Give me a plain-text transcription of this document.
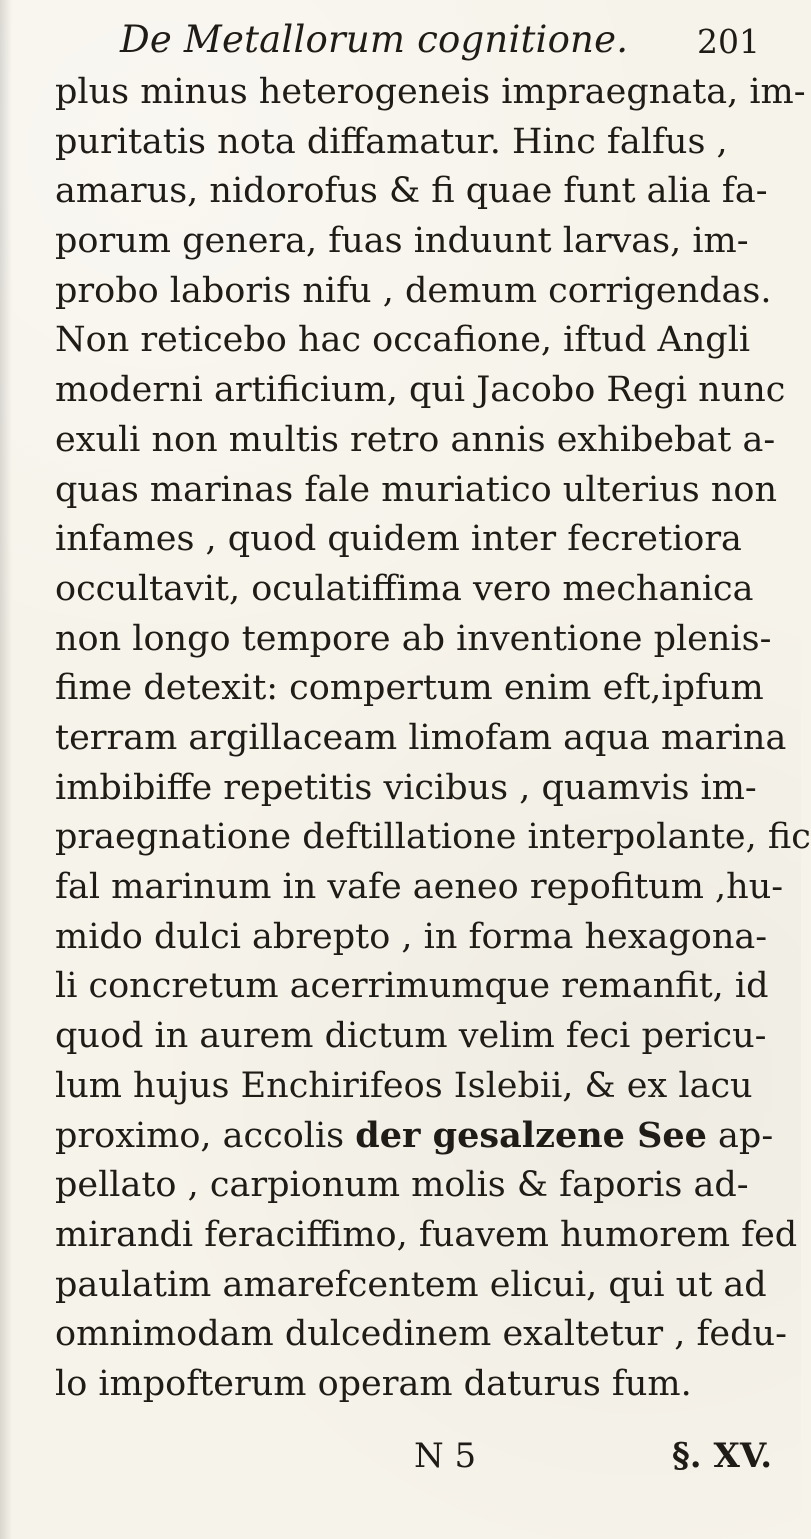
De Metallorum cognitione. 201
plus minus heterogeneis impraegnata, im-
puritatis nota diffamatur. Hinc falfus ,
amarus, nidorofus & fi quae funt alia fa-
porum genera, fuas induunt larvas, im-
probo laboris nifu , demum corrigendas.
Non reticebo hac occafione, iftud Angli
moderni artificium, qui Jacobo Regi nunc
exuli non multis retro annis exhibebat a-
quas marinas fale muriatico ulterius non
infames , quod quidem inter fecretiora
occultavit, oculatiffima vero mechanica
non longo tempore ab inventione plenis-
fime detexit: compertum enim eft,ipfum
terram argillaceam limofam aqua marina
imbibiffe repetitis vicibus , quamvis im-
praegnatione deftillatione interpolante, fic
fal marinum in vafe aeneo repofitum ,hu-
mido dulci abrepto , in forma hexagona-
li concretum acerrimumque remanfit, id
quod in aurem dictum velim feci pericu-
lum hujus Enchirifeos Islebii, & ex lacu
proximo, accolis der gesalzene See ap-
pellato , carpionum molis & faporis ad-
mirandi feraciffimo, fuavem humorem fed
paulatim amarefcentem elicui, qui ut ad
omnimodam dulcedinem exaltetur , fedu-
lo impofterum operam daturus fum.
N 5	§. XV.
